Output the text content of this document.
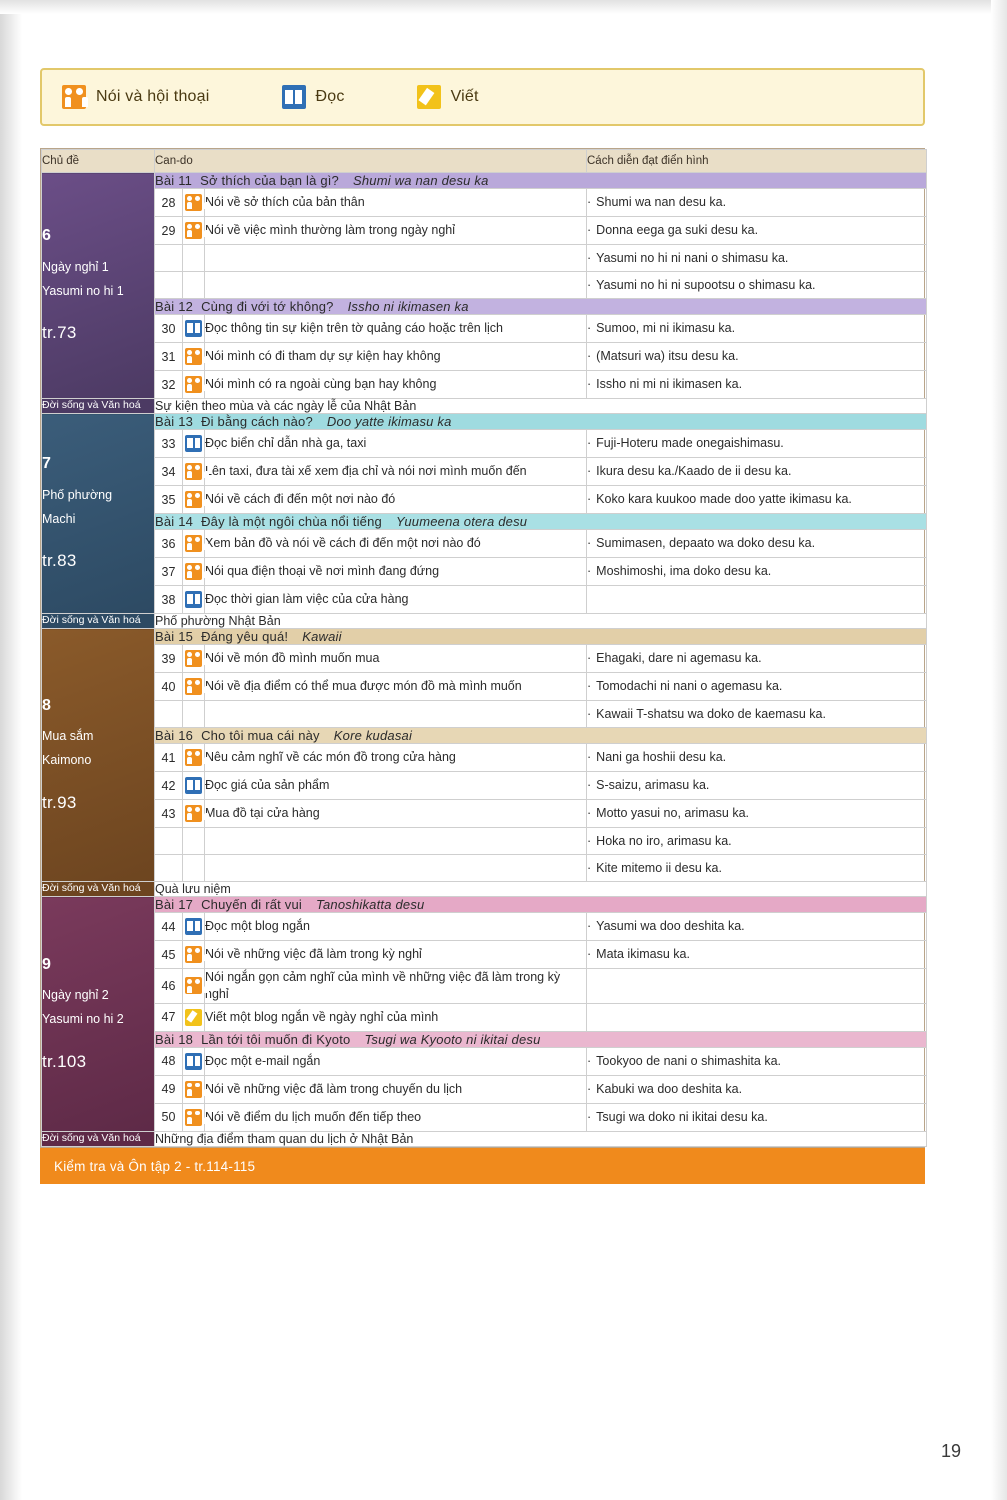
Nói và hội thoại	Đọc	Viết
Chủ đề	Can-do			Cách diễn đạt điển hình

6
Ngày nghỉ 1
Yasumi no hi 1
tr.73	Bài 11 Sở thích của bạn là gì? Shumi wa nan desu ka			
	28		Nói về sở thích của bản thân	· Shumi wa nan desu ka.
	29		Nói về việc mình thường làm trong ngày nghỉ	· Donna eega ga suki desu ka.
				· Yasumi no hi ni nani o shimasu ka.
				· Yasumi no hi ni supootsu o shimasu ka.
	Bài 12 Cùng đi với tớ không? Issho ni ikimasen ka			
	30		Đọc thông tin sự kiện trên tờ quảng cáo hoặc trên lịch	· Sumoo, mi ni ikimasu ka.
	31		Nói mình có đi tham dự sự kiện hay không	· (Matsuri wa) itsu desu ka.
	32		Nói mình có ra ngoài cùng bạn hay không	· Issho ni mi ni ikimasen ka.
Đời sống và Văn hoá	Sự kiện theo mùa và các ngày lễ của Nhật Bản			

7
Phố phường
Machi
tr.83	Bài 13 Đi bằng cách nào? Doo yatte ikimasu ka			
	33		Đọc biển chỉ dẫn nhà ga, taxi	· Fuji-Hoteru made onegaishimasu.
	34		Lên taxi, đưa tài xế xem địa chỉ và nói nơi mình muốn đến	· Ikura desu ka./Kaado de ii desu ka.
	35		Nói về cách đi đến một nơi nào đó	· Koko kara kuukoo made doo yatte ikimasu ka.
	Bài 14 Đây là một ngôi chùa nổi tiếng Yuumeena otera desu			
	36		Xem bản đồ và nói về cách đi đến một nơi nào đó	· Sumimasen, depaato wa doko desu ka.
	37		Nói qua điện thoại về nơi mình đang đứng	· Moshimoshi, ima doko desu ka.
	38		Đọc thời gian làm việc của cửa hàng	
Đời sống và Văn hoá	Phố phường Nhật Bản			

8
Mua sắm
Kaimono
tr.93	Bài 15 Đáng yêu quá! Kawaii			
	39		Nói về món đồ mình muốn mua	· Ehagaki, dare ni agemasu ka.
	40		Nói về địa điểm có thể mua được món đồ mà mình muốn	· Tomodachi ni nani o agemasu ka.
				· Kawaii T-shatsu wa doko de kaemasu ka.
	Bài 16 Cho tôi mua cái này Kore kudasai			
	41		Nêu cảm nghĩ về các món đồ trong cửa hàng	· Nani ga hoshii desu ka.
	42		Đọc giá của sản phẩm	· S-saizu, arimasu ka.
	43		Mua đồ tại cửa hàng	· Motto yasui no, arimasu ka.
				· Hoka no iro, arimasu ka.
				· Kite mitemo ii desu ka.
Đời sống và Văn hoá	Quà lưu niệm			

9
Ngày nghỉ 2
Yasumi no hi 2
tr.103	Bài 17 Chuyến đi rất vui Tanoshikatta desu			
	44		Đọc một blog ngắn	· Yasumi wa doo deshita ka.
	45		Nói về những việc đã làm trong kỳ nghỉ	· Mata ikimasu ka.
	46		Nói ngắn gọn cảm nghĩ của mình về những việc đã làm trong kỳ nghỉ	
	47		Viết một blog ngắn về ngày nghỉ của mình	
	Bài 18 Lần tới tôi muốn đi Kyoto Tsugi wa Kyooto ni ikitai desu			
	48		Đọc một e-mail ngắn	· Tookyoo de nani o shimashita ka.
	49		Nói về những việc đã làm trong chuyến du lịch	· Kabuki wa doo deshita ka.
	50		Nói về điểm du lịch muốn đến tiếp theo	· Tsugi wa doko ni ikitai desu ka.
Đời sống và Văn hoá	Những địa điểm tham quan du lịch ở Nhật Bản			
Kiểm tra và Ôn tập 2 - tr.114-115
19
